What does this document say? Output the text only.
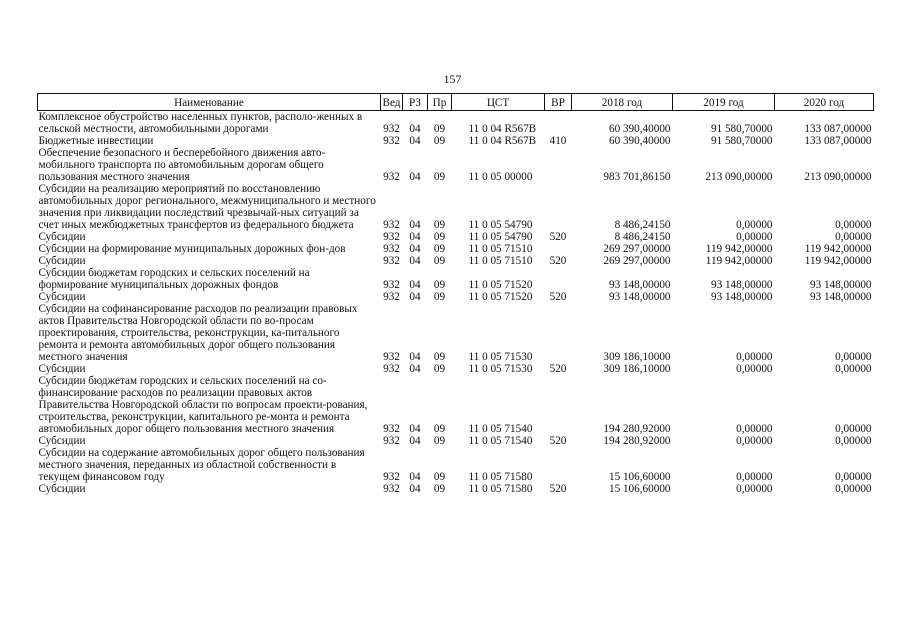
157
Наименование	Вед	РЗ	Пр	ЦСТ	ВР	2018 год	2019 год	2020 год
Комплексное обустройство населенных пунктов, располо-женных в сельской местности, автомобильными дорогами	932	04	09	11 0 04 R567B		60 390,40000	91 580,70000	133 087,00000
Бюджетные инвестиции	932	04	09	11 0 04 R567B	410	60 390,40000	91 580,70000	133 087,00000
Обеспечение безопасного и бесперебойного движения авто-мобильного транспорта по автомобильным дорогам общего пользования местного значения	932	04	09	11 0 05 00000		983 701,86150	213 090,00000	213 090,00000
Субсидии на реализацию мероприятий по восстановлению автомобильных дорог регионального, межмуниципального и местного значения при ликвидации последствий чрезвычай-ных ситуаций за счет иных межбюджетных трансфертов из федерального бюджета	932	04	09	11 0 05 54790		8 486,24150	0,00000	0,00000
Субсидии	932	04	09	11 0 05 54790	520	8 486,24150	0,00000	0,00000
Субсидии на формирование муниципальных дорожных фон-дов	932	04	09	11 0 05 71510		269 297,00000	119 942,00000	119 942,00000
Субсидии	932	04	09	11 0 05 71510	520	269 297,00000	119 942,00000	119 942,00000
Субсидии бюджетам городских и сельских поселений на формирование муниципальных дорожных фондов	932	04	09	11 0 05 71520		93 148,00000	93 148,00000	93 148,00000
Субсидии	932	04	09	11 0 05 71520	520	93 148,00000	93 148,00000	93 148,00000
Субсидии на софинансирование расходов по реализации правовых актов Правительства Новгородской области по во-просам проектирования, строительства, реконструкции, ка-питального ремонта и ремонта автомобильных дорог общего пользования местного значения	932	04	09	11 0 05 71530		309 186,10000	0,00000	0,00000
Субсидии	932	04	09	11 0 05 71530	520	309 186,10000	0,00000	0,00000
Субсидии бюджетам городских и сельских поселений на со-финансирование расходов по реализации правовых актов Правительства Новгородской области по вопросам проекти-рования, строительства, реконструкции, капитального ре-монта и ремонта автомобильных дорог общего пользования местного значения	932	04	09	11 0 05 71540		194 280,92000	0,00000	0,00000
Субсидии	932	04	09	11 0 05 71540	520	194 280,92000	0,00000	0,00000
Субсидии на содержание автомобильных дорог общего пользования местного значения, переданных из областной собственности в текущем финансовом году	932	04	09	11 0 05 71580		15 106,60000	0,00000	0,00000
Субсидии	932	04	09	11 0 05 71580	520	15 106,60000	0,00000	0,00000
